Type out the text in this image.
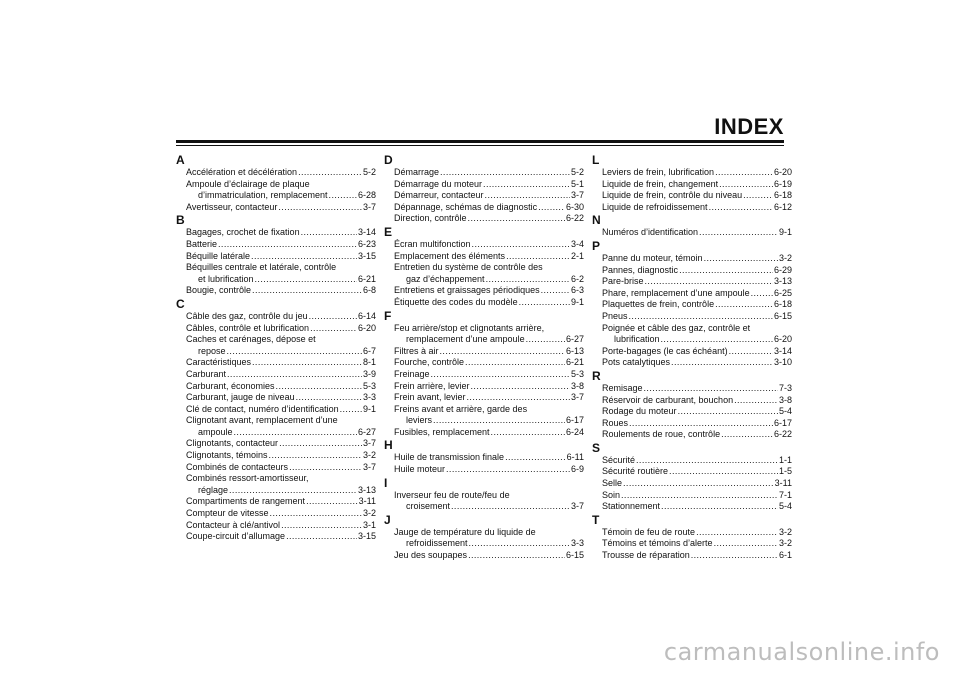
INDEX
A
Accélération et décélération .....	5-2
Ampoule d’éclairage de plaque
d’immatriculation, remplacement .....	6-28
Avertisseur, contacteur .....	3-7
B
Bagages, crochet de fixation .....	3-14
Batterie .....	6-23
Béquille latérale .....	3-15
Béquilles centrale et latérale, contrôle
et lubrification .....	6-21
Bougie, contrôle .....	6-8
C
Câble des gaz, contrôle du jeu .....	6-14
Câbles, contrôle et lubrification .....	6-20
Caches et carénages, dépose et
repose .....	6-7
Caractéristiques .....	8-1
Carburant .....	3-9
Carburant, économies .....	5-3
Carburant, jauge de niveau .....	3-3
Clé de contact, numéro d’identification .....	9-1
Clignotant avant, remplacement d’une
ampoule .....	6-27
Clignotants, contacteur .....	3-7
Clignotants, témoins .....	3-2
Combinés de contacteurs .....	3-7
Combinés ressort-amortisseur,
réglage .....	3-13
Compartiments de rangement .....	3-11
Compteur de vitesse .....	3-2
Contacteur à clé/antivol .....	3-1
Coupe-circuit d’allumage .....	3-15
D
Démarrage .....	5-2
Démarrage du moteur .....	5-1
Démarreur, contacteur .....	3-7
Dépannage, schémas de diagnostic .....	6-30
Direction, contrôle .....	6-22
E
Écran multifonction .....	3-4
Emplacement des éléments .....	2-1
Entretien du système de contrôle des
gaz d’échappement .....	6-2
Entretiens et graissages périodiques .....	6-3
Étiquette des codes du modèle .....	9-1
F
Feu arrière/stop et clignotants arrière,
remplacement d’une ampoule .....	6-27
Filtres à air .....	6-13
Fourche, contrôle .....	6-21
Freinage .....	5-3
Frein arrière, levier .....	3-8
Frein avant, levier .....	3-7
Freins avant et arrière, garde des
leviers .....	6-17
Fusibles, remplacement .....	6-24
H
Huile de transmission finale .....	6-11
Huile moteur .....	6-9
I
Inverseur feu de route/feu de
croisement .....	3-7
J
Jauge de température du liquide de
refroidissement .....	3-3
Jeu des soupapes .....	6-15
L
Leviers de frein, lubrification .....	6-20
Liquide de frein, changement .....	6-19
Liquide de frein, contrôle du niveau .....	6-18
Liquide de refroidissement .....	6-12
N
Numéros d’identification .....	9-1
P
Panne du moteur, témoin .....	3-2
Pannes, diagnostic .....	6-29
Pare-brise .....	3-13
Phare, remplacement d’une ampoule .....	6-25
Plaquettes de frein, contrôle .....	6-18
Pneus .....	6-15
Poignée et câble des gaz, contrôle et
lubrification .....	6-20
Porte-bagages (le cas échéant) .....	3-14
Pots catalytiques .....	3-10
R
Remisage .....	7-3
Réservoir de carburant, bouchon .....	3-8
Rodage du moteur .....	5-4
Roues .....	6-17
Roulements de roue, contrôle .....	6-22
S
Sécurité .....	1-1
Sécurité routière .....	1-5
Selle .....	3-11
Soin .....	7-1
Stationnement .....	5-4
T
Témoin de feu de route .....	3-2
Témoins et témoins d’alerte .....	3-2
Trousse de réparation .....	6-1
carmanualsonline.info
